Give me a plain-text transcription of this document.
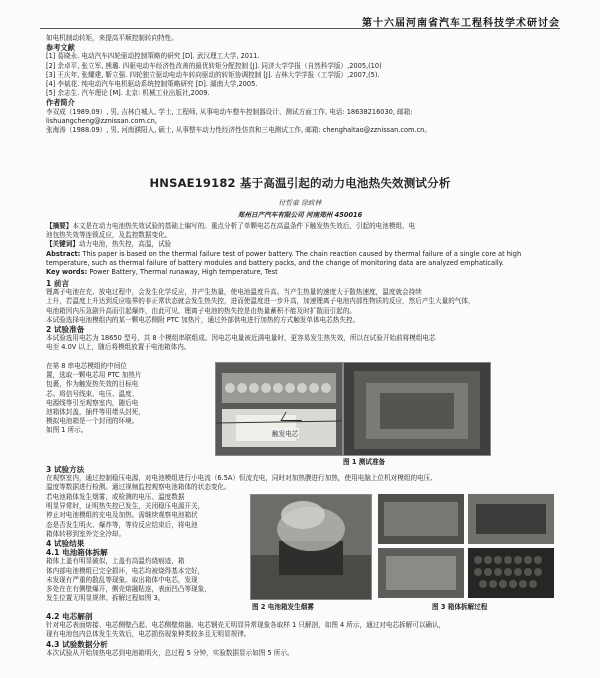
第十六届河南省汽车工程科技学术研讨会

如电机制动转矩，来提高平顺控制转向特性。

参考文献

[1] 葛晓永. 电动汽车四轮驱动控制策略的研究 [D]. 武汉理工大学, 2011.

[2] 余卓平, 张立军, 熊璐. 四驱电动车经济性改善的最优转矩分配控制 [J]. 同济大学学报（自然科学版）,2005,(10)

[3] 王庆年, 张耀建, 靳立强. 四轮独立驱动电动车转向驱动的转矩协调控制 [J]. 吉林大学学报（工学版）,2007,(5).

[4] 李斌花. 纯电动汽车电机驱动系统控制策略研究 [D]. 湖南大学,2005.

[5] 余志生. 汽车理论 [M]. 北京: 机械工业出版社,2009.

作者简介

李双成（1989.09）, 男, 吉林白城人, 学士, 工程师, 从事电动车整车控制器设计、测试方面工作, 电话: 18638216030, 邮箱:

lishuangcheng@zznissan.com.cn。

张海涛（1988.09）, 男, 河南濮阳人, 硕士, 从事整车动力性经济性仿真和三电测试工作, 邮箱: chenghaitao@zznissan.com.cn。

HNSAE19182 基于高温引起的动力电池热失效测试分析
付哲豪 徐政林
郑州日产汽车有限公司 河南郑州 450016

【摘要】本文是在动力电池热失效试验的基础上编写的。重点分析了单颗电芯在高温条件下触发热失效后，引起的电池模组、电

池包热失效等连锁反应，及监控数据变化。

【关键词】动力电池，热失控，高温，试验

Abstract: This paper is based on the thermal failure test of power battery. The chain reaction caused by thermal failure of a single core at high

temperature, such as thermal failure of battery modules and battery packs, and the change of monitoring data are analyzed emphatically.

Key words: Power Battery, Thermal runaway, High temperature, Test

1 前言

锂离子电池在充、放电过程中，会发生化学反应，并产生热量，使电池温度升高。当产生热量的速度大于散热速度，温度就会持续

上升，若温度上升达到反应临界的非正常状态就会发生热失控，进而使温度进一步升高，加速锂离子电池内部性物质的反应，然后产生大量的气体，

电池箱因内压急剧升高而引起爆炸，由此可见，锂离子电池的热失控是由热量蓄积不能及时扩散而引起的。

本试验选择电池模组内的某一颗电芯侧附 PTC 加热片，通过外部供电进行加热的方式触发单体电芯热失控。

2 试验准备

本试验选用电芯为 18650 型号，共 8 个模组串联组成。因电芯电量被近满电量时，更容易发生热失效，所以在试验开始前将模组电芯

电至 4.0V 以上，随后将模组放置于电池箱体内。

在第 8 串电芯模组的中间位

置，选取一颗电芯用 PTC 加热片

包裹，作为触发热失效的目标电

芯。将信号线束、电压、温度、

电源线等引至观察室内，随后电

池箱体封盖，插件等用堵头封死，

模拟电池箱是一个封闭的环境。

如图 1 所示。	触发电芯
图 1 测试准备

3 试验方法

在观察室内，通过控制稳压电源，对电池模组进行小电流（6.5A）恒流充电，同时对加热膜进行加热，使用电脑上位机对模组的电压、

温度等数据进行检测。通过视频监控观察电池箱体的状态变化。

若电池箱体发生烟雾，或检测的电压、温度数据

明显异常时，证明热失控已发生，关闭稳压电源开关，

停止对电池模组的充电及加热。需继续观察电池箱状

态是否发生明火、爆炸等，等待反应结束后，将电池

箱体转移到室外完全冷却。

4 试验结果

4.1 电池箱体拆解

箱体上盖有明显破似，上盖有高温灼烧痕迹，箱

体内部电池模组已完全损坏，电芯均被烧得基本完好，

未发现有严重的散乱等现象。取出箱体中电芯，发现

多处在在有侧壁爆开，侧壳熔融粘连，表面凹凸等现象，

发生位置无明显规律。拆解过程如图 3。

图 2 电池箱发生烟雾	图 3 箱体拆解过程

4.2 电芯解剖

针对电芯表面熔接、电芯侧壁凸起、电芯侧壁熔融、电芯钢壳无明显异常现象各取样 1 只解剖，如图 4 所示，通过对电芯拆解可以确认，

现有电池包内总体发生失效后，电芯损伤现象种类较多且无明显规律。

4.3 试验数据分析

本次试验从开始加热电芯到电池箱明火，总过程 5 分钟，实验数据显示如图 5 所示。
